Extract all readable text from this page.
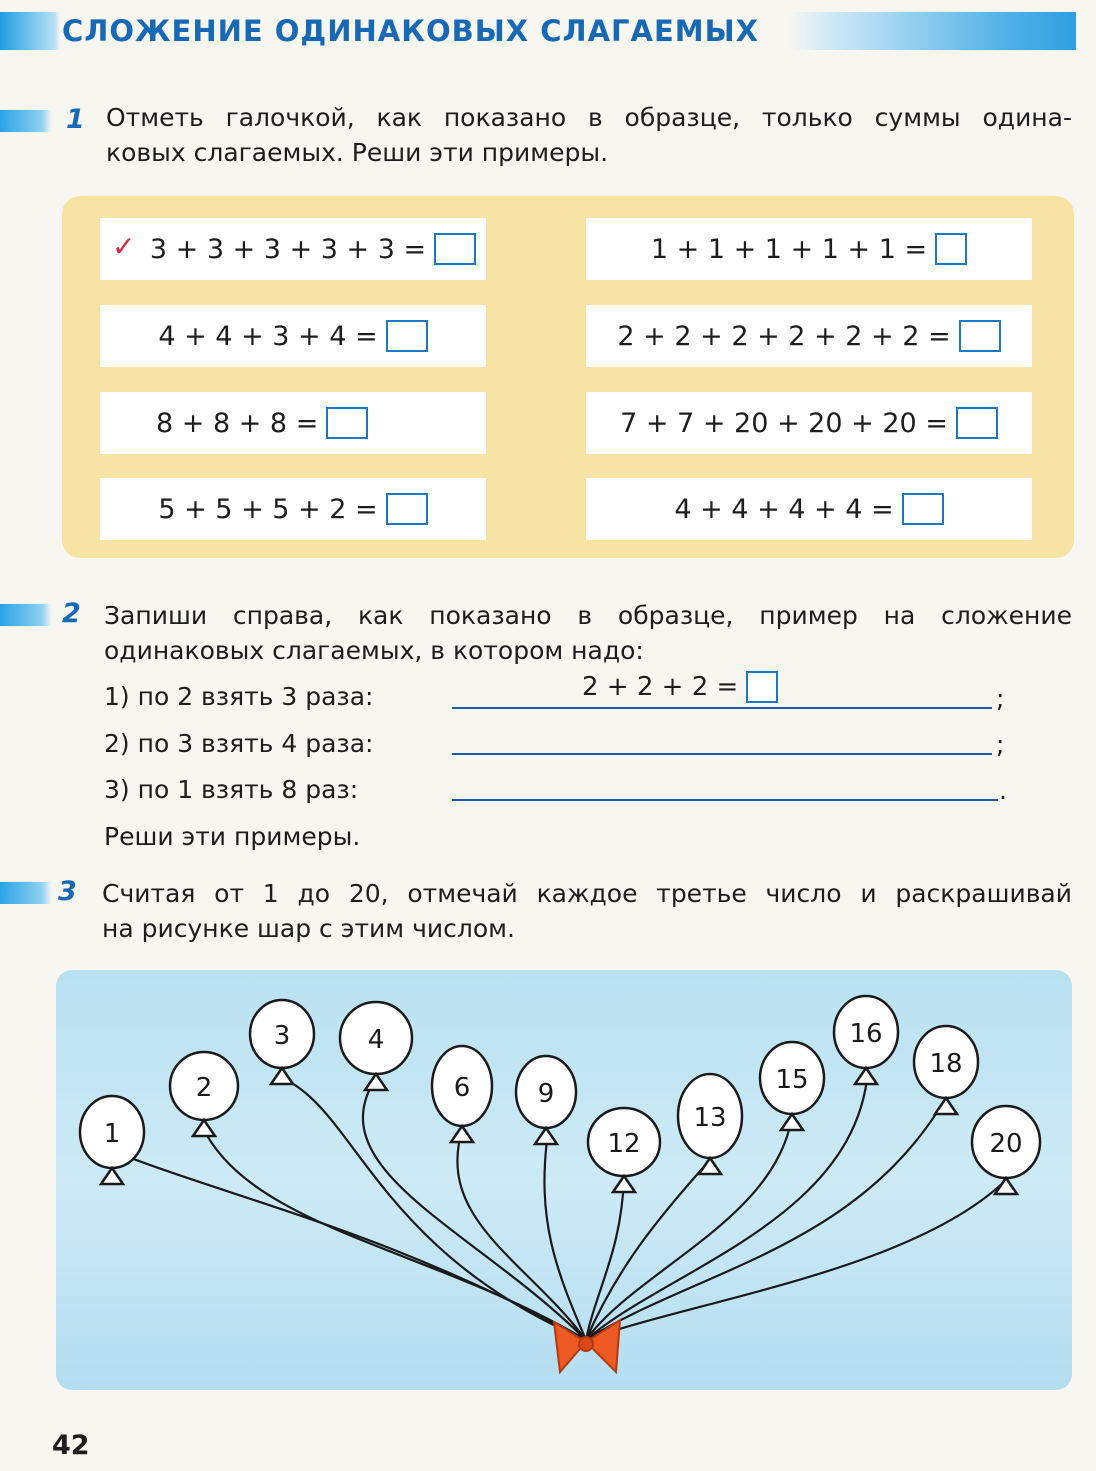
СЛОЖЕНИЕ ОДИНАКОВЫХ СЛАГАЕМЫХ
1 Отметь галочкой, как показано в образце, только суммы одина-
ковых слагаемых. Реши эти примеры.
✓ 3 + 3 + 3 + 3 + 3 =	1 + 1 + 1 + 1 + 1 =
4 + 4 + 3 + 4 =	2 + 2 + 2 + 2 + 2 + 2 =
8 + 8 + 8 =	7 + 7 + 20 + 20 + 20 =
5 + 5 + 5 + 2 =	4 + 4 + 4 + 4 =
2 Запиши справа, как показано в образце, пример на сложение
одинаковых слагаемых, в котором надо:
1) по 2 взять 3 раза:	;
2 + 2 + 2 =
2) по 3 взять 4 раза:	;
3) по 1 взять 8 раз:	.
Реши эти примеры.
3 Считая от 1 до 20, отмечай каждое третье число и раскрашивай
на рисунке шар с этим числом.
1
2
3	4
6	9
12
13
15
16
18
20
42
